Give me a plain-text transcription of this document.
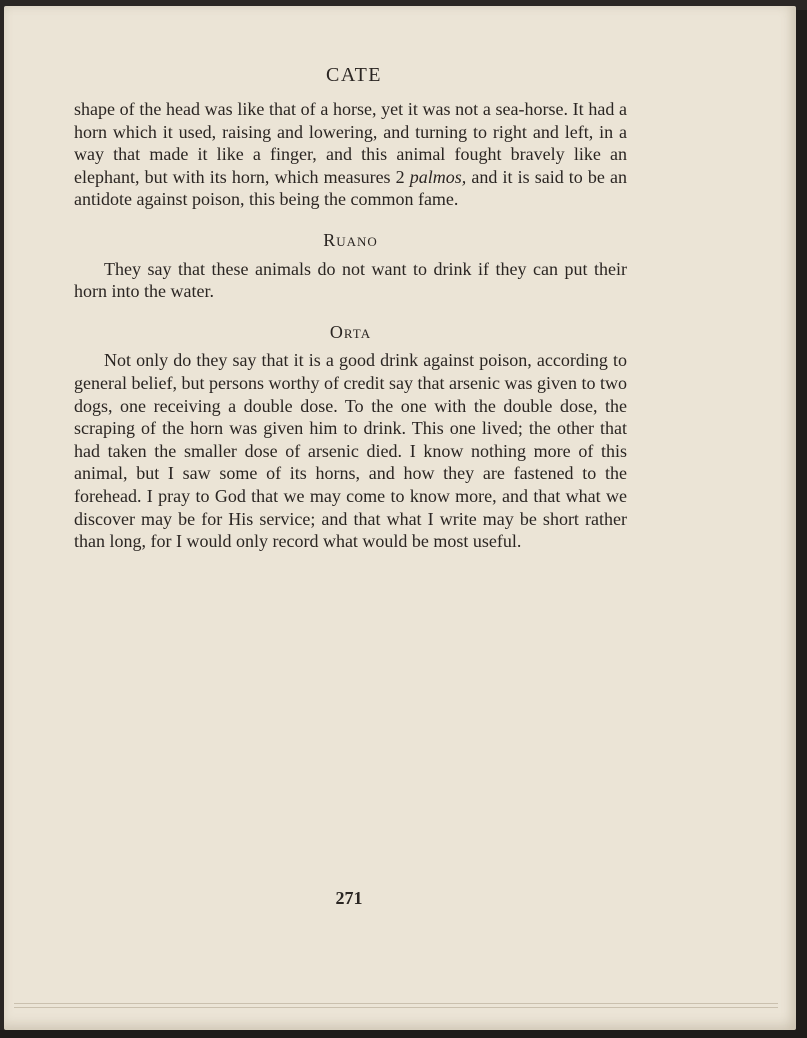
CATE

shape of the head was like that of a horse, yet it was not a sea-horse. It had a horn which it used, raising and lowering, and turning to right and left, in a way that made it like a finger, and this animal fought bravely like an elephant, but with its horn, which measures 2 palmos, and it is said to be an antidote against poison, this being the common fame.

Ruano

They say that these animals do not want to drink if they can put their horn into the water.

Orta

Not only do they say that it is a good drink against poison, according to general belief, but persons worthy of credit say that arsenic was given to two dogs, one receiving a double dose. To the one with the double dose, the scraping of the horn was given him to drink. This one lived; the other that had taken the smaller dose of arsenic died. I know nothing more of this animal, but I saw some of its horns, and how they are fastened to the forehead. I pray to God that we may come to know more, and that what we discover may be for His service; and that what I write may be short rather than long, for I would only record what would be most useful.

271
